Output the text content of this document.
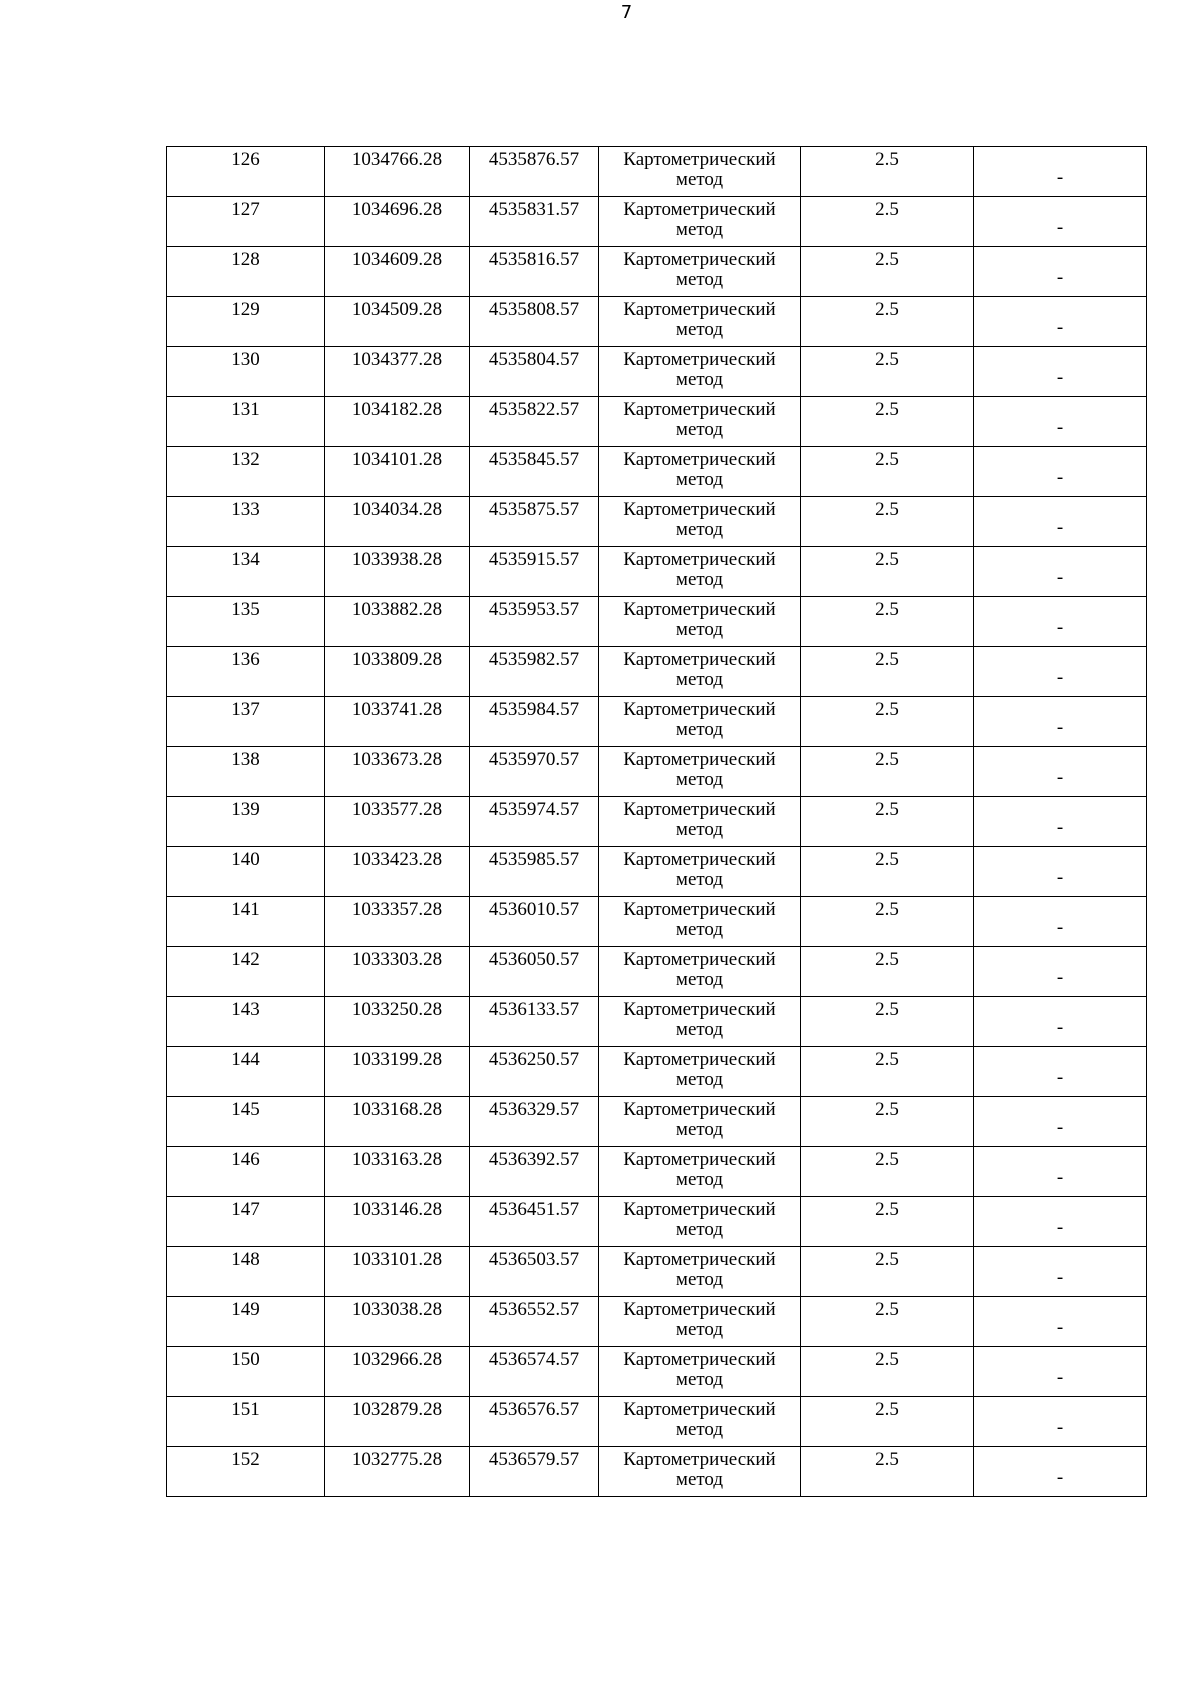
7
126	1034766.28	4535876.57	Картометрический
метод	2.5	-

127	1034696.28	4535831.57	Картометрический
метод	2.5	-

128	1034609.28	4535816.57	Картометрический
метод	2.5	-

129	1034509.28	4535808.57	Картометрический
метод	2.5	-

130	1034377.28	4535804.57	Картометрический
метод	2.5	-

131	1034182.28	4535822.57	Картометрический
метод	2.5	-

132	1034101.28	4535845.57	Картометрический
метод	2.5	-

133	1034034.28	4535875.57	Картометрический
метод	2.5	-

134	1033938.28	4535915.57	Картометрический
метод	2.5	-

135	1033882.28	4535953.57	Картометрический
метод	2.5	-

136	1033809.28	4535982.57	Картометрический
метод	2.5	-

137	1033741.28	4535984.57	Картометрический
метод	2.5	-

138	1033673.28	4535970.57	Картометрический
метод	2.5	-

139	1033577.28	4535974.57	Картометрический
метод	2.5	-

140	1033423.28	4535985.57	Картометрический
метод	2.5	-

141	1033357.28	4536010.57	Картометрический
метод	2.5	-

142	1033303.28	4536050.57	Картометрический
метод	2.5	-

143	1033250.28	4536133.57	Картометрический
метод	2.5	-

144	1033199.28	4536250.57	Картометрический
метод	2.5	-

145	1033168.28	4536329.57	Картометрический
метод	2.5	-

146	1033163.28	4536392.57	Картометрический
метод	2.5	-

147	1033146.28	4536451.57	Картометрический
метод	2.5	-

148	1033101.28	4536503.57	Картометрический
метод	2.5	-

149	1033038.28	4536552.57	Картометрический
метод	2.5	-

150	1032966.28	4536574.57	Картометрический
метод	2.5	-

151	1032879.28	4536576.57	Картометрический
метод	2.5	-

152	1032775.28	4536579.57	Картометрический
метод	2.5	-
